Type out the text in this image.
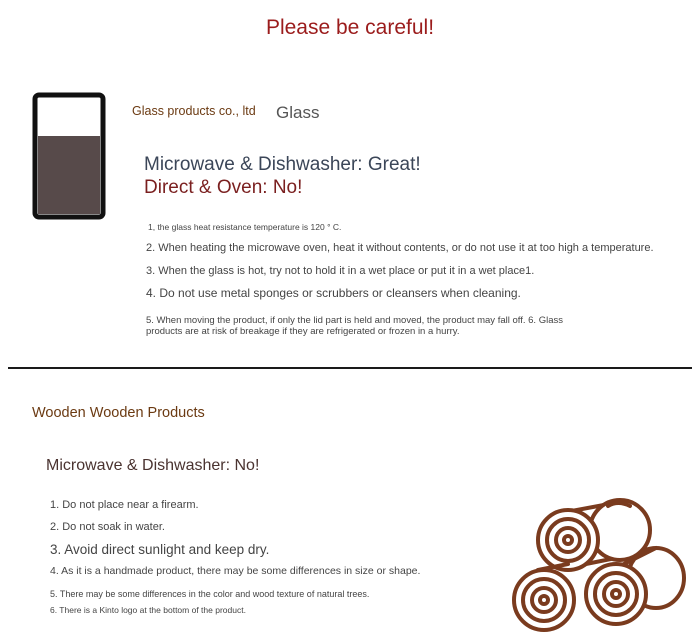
Please be careful!
Glass products co., ltd Glass
Microwave & Dishwasher: Great!
Direct & Oven: No!
1, the glass heat resistance temperature is 120 ° C.
2. When heating the microwave oven, heat it without contents, or do not use it at too high a temperature.
3. When the glass is hot, try not to hold it in a wet place or put it in a wet place1.
4. Do not use metal sponges or scrubbers or cleansers when cleaning.
5. When moving the product, if only the lid part is held and moved, the product may fall off. 6. Glass products are at risk of breakage if they are refrigerated or frozen in a hurry.
Wooden Wooden Products
Microwave & Dishwasher: No!
1. Do not place near a firearm.
2. Do not soak in water.
3. Avoid direct sunlight and keep dry.
4. As it is a handmade product, there may be some differences in size or shape.
5. There may be some differences in the color and wood texture of natural trees.
6. There is a Kinto logo at the bottom of the product.
